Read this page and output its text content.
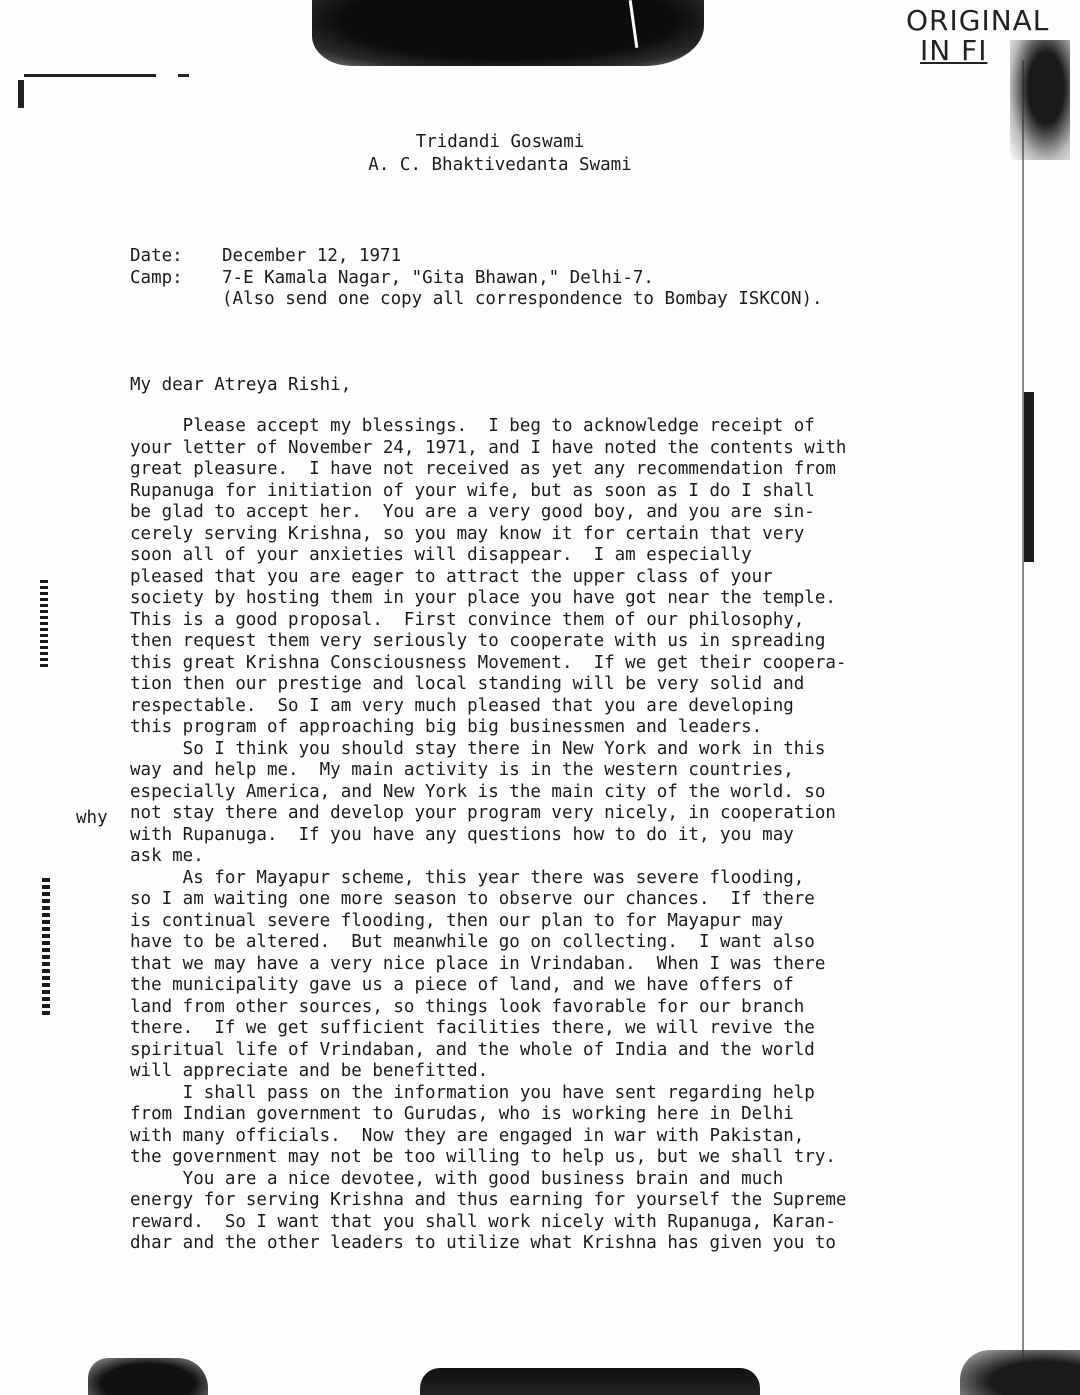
ORIGINAL
IN FI
Tridandi Goswami
A. C. Bhaktivedanta Swami
Date: December 12, 1971
Camp: 7-E Kamala Nagar, "Gita Bhawan," Delhi-7.
(Also send one copy all correspondence to Bombay ISKCON).
My dear Atreya Rishi,
why
Please accept my blessings.  I beg to acknowledge receipt of
your letter of November 24, 1971, and I have noted the contents with
great pleasure.  I have not received as yet any recommendation from
Rupanuga for initiation of your wife, but as soon as I do I shall
be glad to accept her.  You are a very good boy, and you are sin-
cerely serving Krishna, so you may know it for certain that very
soon all of your anxieties will disappear.  I am especially
pleased that you are eager to attract the upper class of your
society by hosting them in your place you have got near the temple.
This is a good proposal.  First convince them of our philosophy,
then request them very seriously to cooperate with us in spreading
this great Krishna Consciousness Movement.  If we get their coopera-
tion then our prestige and local standing will be very solid and
respectable.  So I am very much pleased that you are developing
this program of approaching big big businessmen and leaders.
So I think you should stay there in New York and work in this
way and help me.  My main activity is in the western countries,
especially America, and New York is the main city of the world. so
not stay there and develop your program very nicely, in cooperation
with Rupanuga.  If you have any questions how to do it, you may
ask me.
As for Mayapur scheme, this year there was severe flooding,
so I am waiting one more season to observe our chances.  If there
is continual severe flooding, then our plan to for Mayapur may
have to be altered.  But meanwhile go on collecting.  I want also
that we may have a very nice place in Vrindaban.  When I was there
the municipality gave us a piece of land, and we have offers of
land from other sources, so things look favorable for our branch
there.  If we get sufficient facilities there, we will revive the
spiritual life of Vrindaban, and the whole of India and the world
will appreciate and be benefitted.
I shall pass on the information you have sent regarding help
from Indian government to Gurudas, who is working here in Delhi
with many officials.  Now they are engaged in war with Pakistan,
the government may not be too willing to help us, but we shall try.
You are a nice devotee, with good business brain and much
energy for serving Krishna and thus earning for yourself the Supreme
reward.  So I want that you shall work nicely with Rupanuga, Karan-
dhar and the other leaders to utilize what Krishna has given you to
